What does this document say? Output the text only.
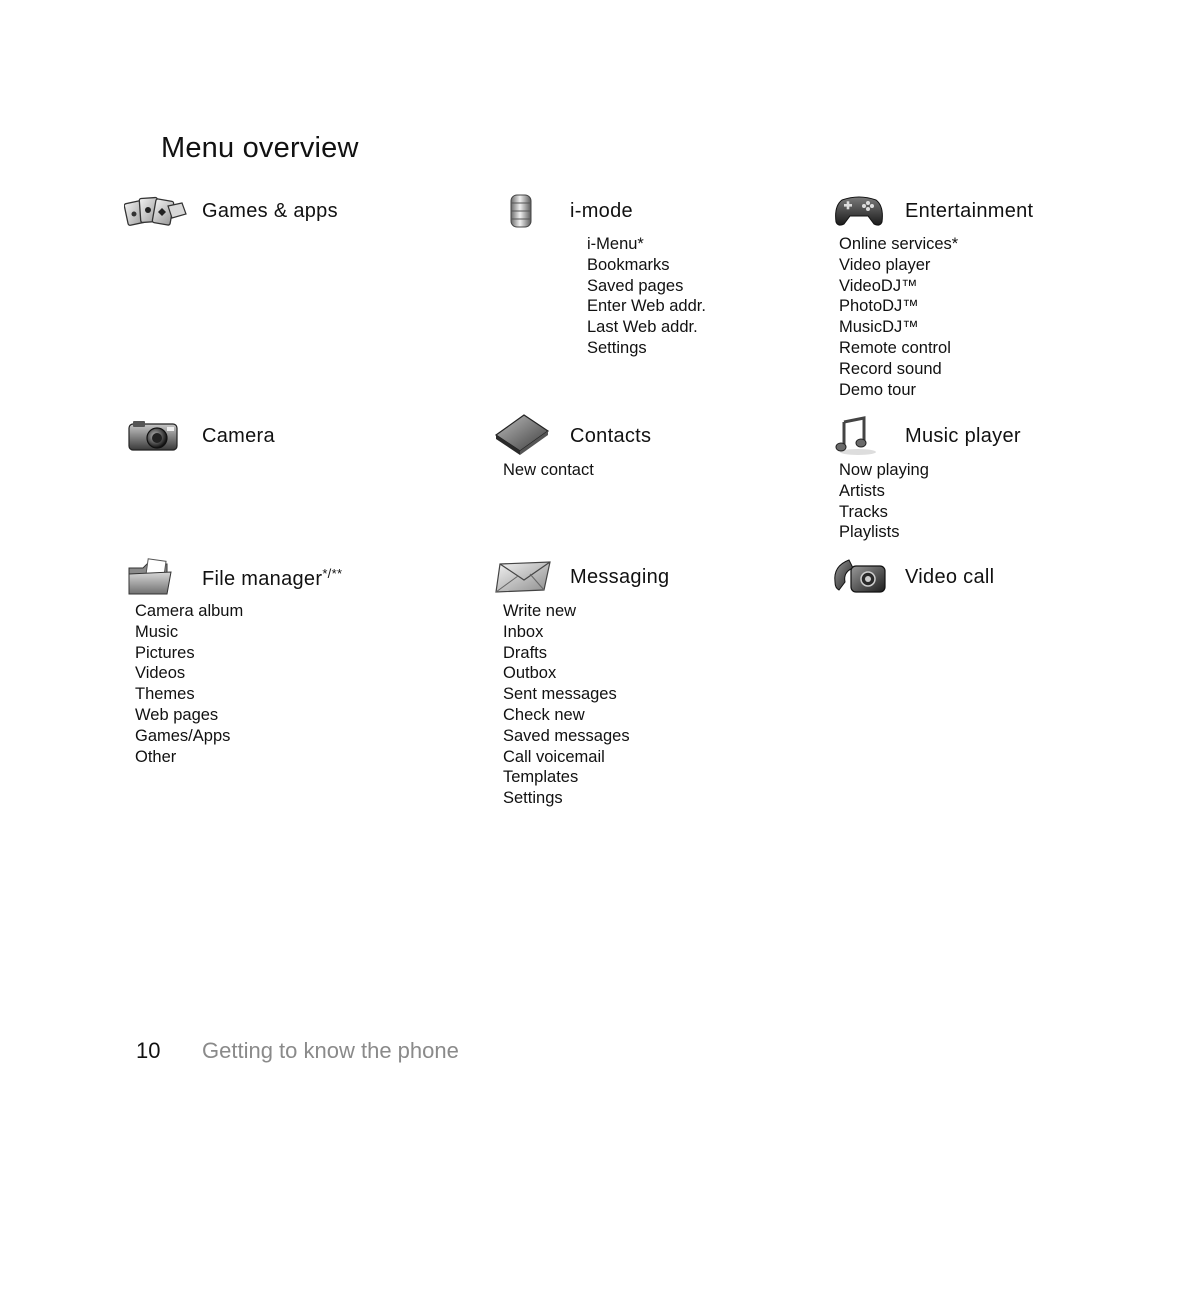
Menu overview
Games & apps	i-mode
i-Menu*
Bookmarks
Saved pages
Enter Web addr.
Last Web addr.
Settings
Entertainment
Online services*
Video player
VideoDJ™
PhotoDJ™
MusicDJ™
Remote control
Record sound
Demo tour
Camera	Contacts
New contact
Music player
Now playing
Artists
Tracks
Playlists
File manager*/**
Camera album
Music
Pictures
Videos
Themes
Web pages
Games/Apps
Other
Messaging
Write new
Inbox
Drafts
Outbox
Sent messages
Check new
Saved messages
Call voicemail
Templates
Settings
Video call
10 Getting to know the phone
